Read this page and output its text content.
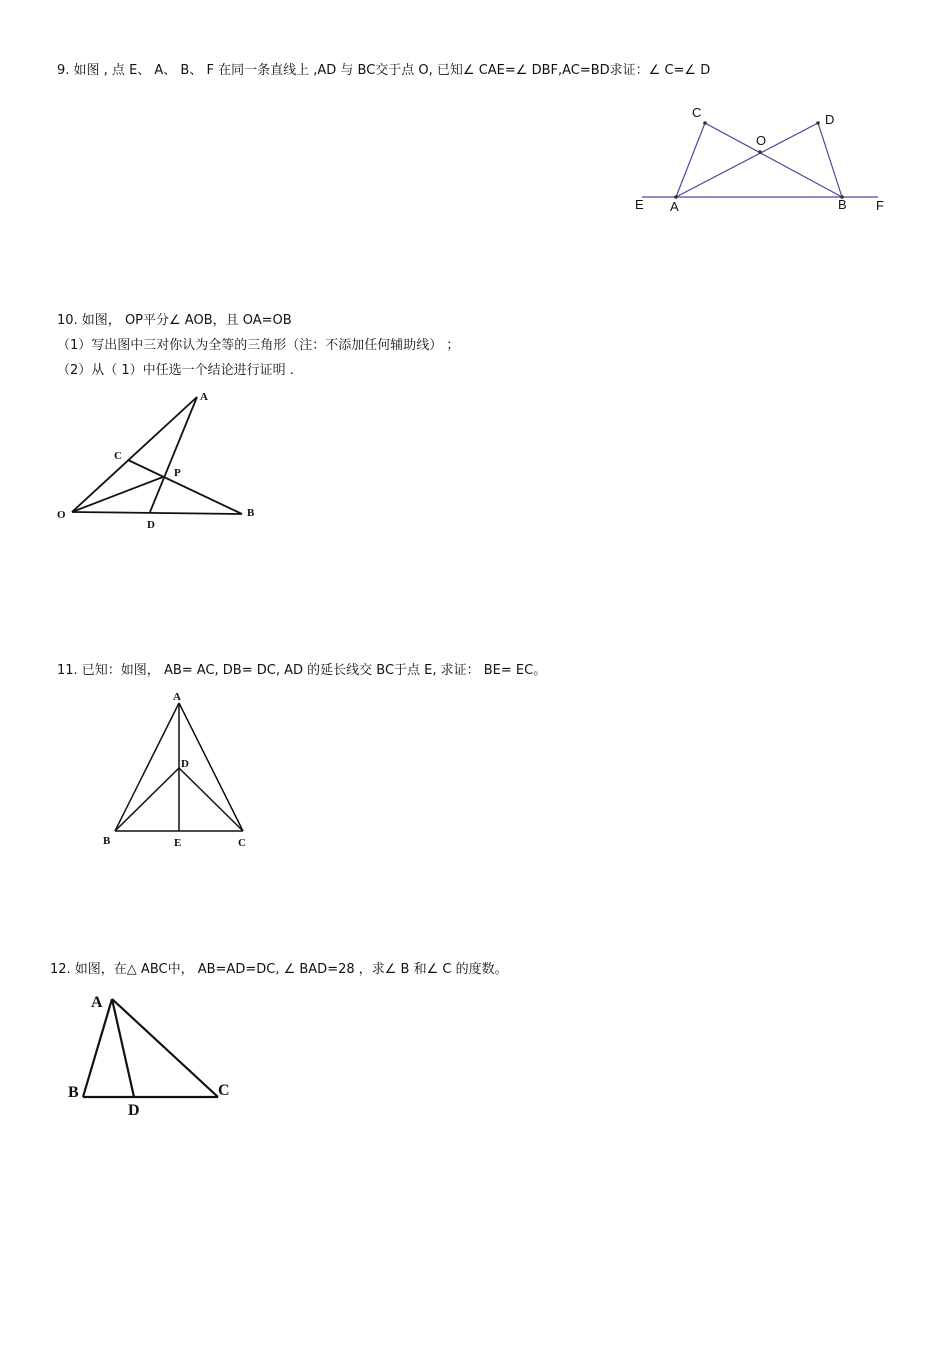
9. 如图 , 点 E、 A、 B、 F 在同一条直线上 ,AD 与 BC交于点 O, 已知∠ CAE=∠ DBF,AC=BD求证：∠ C=∠ D
C	D
O
E A	B F
10. 如图， OP平分∠ AOB，且 OA=OB
（1）写出图中三对你认为全等的三角形（注：不添加任何辅助线） ；
（2）从（ 1）中任选一个结论进行证明 .
A
C
P
O
D
B
11. 已知：如图， AB= AC, DB= DC, AD 的延长线交 BC于点 E, 求证： BE= EC。
A
D
B	E	C
12. 如图，在△ ABC中， AB=AD=DC, ∠ BAD=28 ，求∠ B 和∠ C 的度数。
A
B
D
C
